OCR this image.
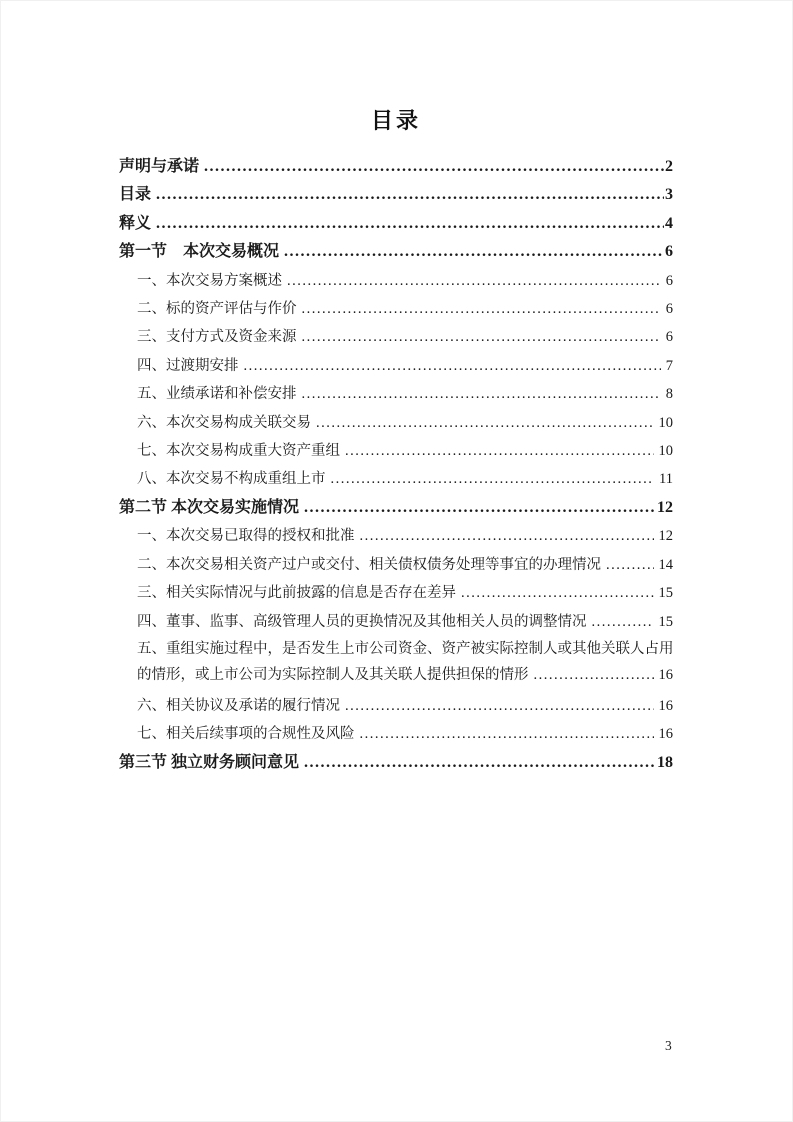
目录
声明与承诺 .....	2
目录 .....	3
释义 .....	4
第一节　本次交易概况 .....	6
一、本次交易方案概述 .....	6
二、标的资产评估与作价 .....	6
三、支付方式及资金来源 .....	6
四、过渡期安排 .....	7
五、业绩承诺和补偿安排 .....	8
六、本次交易构成关联交易 .....	10
七、本次交易构成重大资产重组 .....	10
八、本次交易不构成重组上市 .....	11
第二节 本次交易实施情况 .....	12
一、本次交易已取得的授权和批准 .....	12
二、本次交易相关资产过户或交付、相关债权债务处理等事宜的办理情况 .....	14
三、相关实际情况与此前披露的信息是否存在差异 .....	15
四、董事、监事、高级管理人员的更换情况及其他相关人员的调整情况 .....	15
五、重组实施过程中，是否发生上市公司资金、资产被实际控制人或其他关联人占用
的情形，或上市公司为实际控制人及其关联人提供担保的情形 .....	16
六、相关协议及承诺的履行情况 .....	16
七、相关后续事项的合规性及风险 .....	16
第三节 独立财务顾问意见 .....	18
3
